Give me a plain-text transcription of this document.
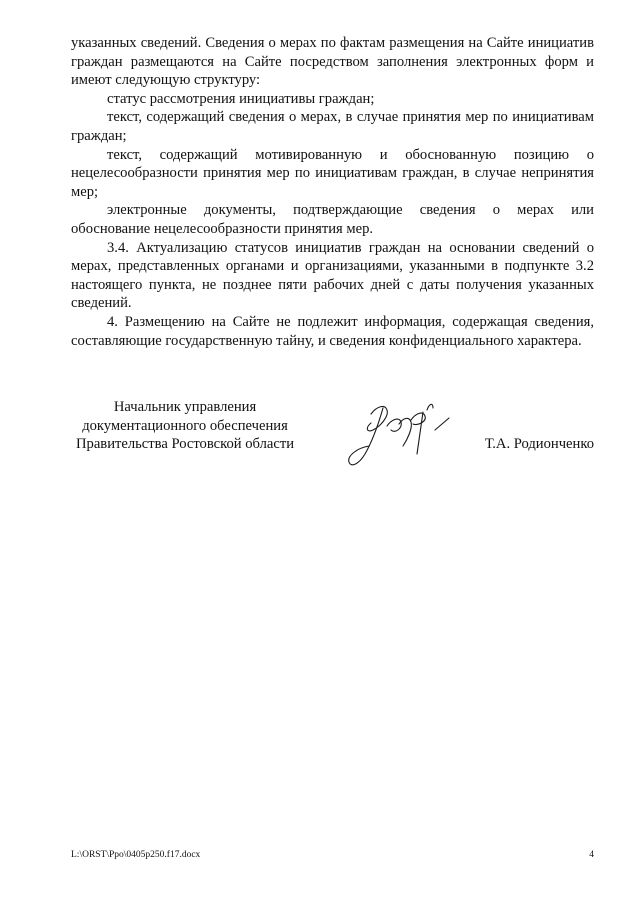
указанных сведений. Сведения о мерах по фактам размещения на Сайте инициатив граждан размещаются на Сайте посредством заполнения электронных форм и имеют следующую структуру:

статус рассмотрения инициативы граждан;

текст, содержащий сведения о мерах, в случае принятия мер по инициативам граждан;

текст, содержащий мотивированную и обоснованную позицию о нецелесообразности принятия мер по инициативам граждан, в случае непринятия мер;

электронные документы, подтверждающие сведения о мерах или обоснование нецелесообразности принятия мер.

3.4. Актуализацию статусов инициатив граждан на основании сведений о мерах, представленных органами и организациями, указанными в подпункте 3.2 настоящего пункта, не позднее пяти рабочих дней с даты получения указанных сведений.

4. Размещению на Сайте не подлежит информация, содержащая сведения, составляющие государственную тайну, и сведения конфиденциального характера.

Начальник управления
документационного обеспечения
Правительства Ростовской области	Т.А. Родионченко
L:\ORST\Ppo\0405p250.f17.docx	4
